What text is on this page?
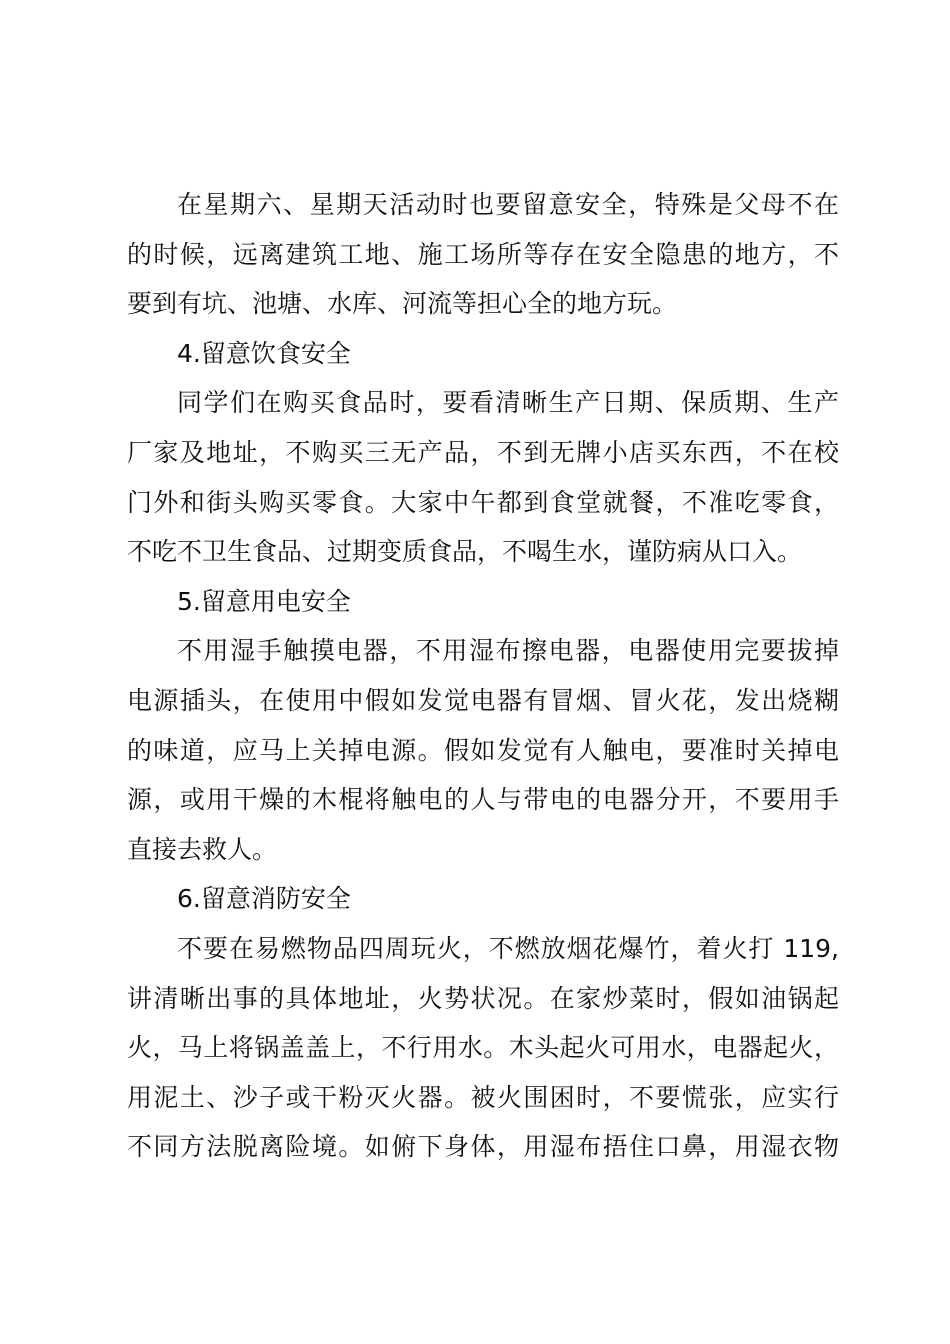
在星期六、星期天活动时也要留意安全，特殊是父母不在
的时候，远离建筑工地、施工场所等存在安全隐患的地方，不
要到有坑、池塘、水库、河流等担心全的地方玩。
4.留意饮食安全
同学们在购买食品时，要看清晰生产日期、保质期、生产
厂家及地址，不购买三无产品，不到无牌小店买东西，不在校
门外和街头购买零食。大家中午都到食堂就餐，不准吃零食，
不吃不卫生食品、过期变质食品，不喝生水，谨防病从口入。
5.留意用电安全
不用湿手触摸电器，不用湿布擦电器，电器使用完要拔掉
电源插头，在使用中假如发觉电器有冒烟、冒火花，发出烧糊
的味道，应马上关掉电源。假如发觉有人触电，要准时关掉电
源，或用干燥的木棍将触电的人与带电的电器分开，不要用手
直接去救人。
6.留意消防安全
不要在易燃物品四周玩火，不燃放烟花爆竹，着火打 119,
讲清晰出事的具体地址，火势状况。在家炒菜时，假如油锅起
火，马上将锅盖盖上，不行用水。木头起火可用水，电器起火，
用泥土、沙子或干粉灭火器。被火围困时，不要慌张，应实行
不同方法脱离险境。如俯下身体，用湿布捂住口鼻，用湿衣物
